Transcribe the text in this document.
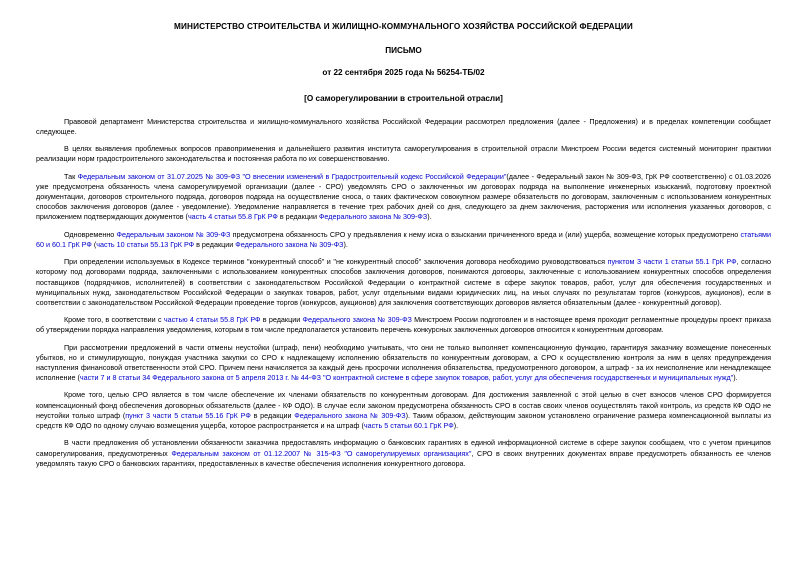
МИНИСТЕРСТВО СТРОИТЕЛЬСТВА И ЖИЛИЩНО-КОММУНАЛЬНОГО ХОЗЯЙСТВА РОССИЙСКОЙ ФЕДЕРАЦИИ
ПИСЬМО
от 22 сентября 2025 года № 56254-ТБ/02
[О саморегулировании в строительной отрасли]

Правовой департамент Министерства строительства и жилищно-коммунального хозяйства Российской Федерации рассмотрел предложения (далее - Предложения) и в пределах компетенции сообщает следующее.

В целях выявления проблемных вопросов правоприменения и дальнейшего развития института саморегулирования в строительной отрасли Минстроем России ведется системный мониторинг практики реализации норм градостроительного законодательства и постоянная работа по их совершенствованию.

Так Федеральным законом от 31.07.2025 № 309-ФЗ "О внесении изменений в Градостроительный кодекс Российской Федерации"(далее - Федеральный закон № 309-ФЗ, ГрК РФ соответственно) с 01.03.2026 уже предусмотрена обязанность члена саморегулируемой организации (далее - СРО) уведомлять СРО о заключенных им договорах подряда на выполнение инженерных изысканий, подготовку проектной документации, договоров строительного подряда, договоров подряда на осуществление сноса, о таких фактическом совокупном размере обязательств по договорам, заключенным с использованием конкурентных способов заключения договоров (далее - уведомление). Уведомление направляется в течение трех рабочих дней со дня, следующего за днем заключения, расторжения или исполнения указанных договоров, с приложением подтверждающих документов (часть 4 статьи 55.8 ГрК РФ в редакции Федерального закона № 309-ФЗ).

Одновременно Федеральным законом № 309-ФЗ предусмотрена обязанность СРО у предъявления к нему иска о взыскании причиненного вреда и (или) ущерба, возмещение которых предусмотрено статьями 60 и 60.1 ГрК РФ (часть 10 статьи 55.13 ГрК РФ в редакции Федерального закона № 309-ФЗ).

При определении используемых в Кодексе терминов "конкурентный способ" и "не конкурентный способ" заключения договора необходимо руководствоваться пунктом 3 части 1 статьи 55.1 ГрК РФ, согласно которому под договорами подряда, заключенными с использованием конкурентных способов заключения договоров, понимаются договоры, заключенные с использованием конкурентных способов определения поставщиков (подрядчиков, исполнителей) в соответствии с законодательством Российской Федерации о контрактной системе в сфере закупок товаров, работ, услуг для обеспечения государственных и муниципальных нужд, законодательством Российской Федерации о закупках товаров, работ, услуг отдельными видами юридических лиц, на иных случаях по результатам торгов (конкурсов, аукционов), если в соответствии с законодательством Российской Федерации проведение торгов (конкурсов, аукционов) для заключения соответствующих договоров является обязательным (далее - конкурентный договор).

Кроме того, в соответствии с частью 4 статьи 55.8 ГрК РФ в редакции Федерального закона № 309-ФЗ Минстроем России подготовлен и в настоящее время проходит регламентные процедуры проект приказа об утверждении порядка направления уведомления, которым в том числе предполагается установить перечень конкурсных заключенных договоров относится к конкурентным договорам.

При рассмотрении предложений в части отмены неустойки (штраф, пени) необходимо учитывать, что они не только выполняет компенсационную функцию, гарантируя заказчику возмещение понесенных убытков, но и стимулирующую, понуждая участника закупки со СРО к надлежащему исполнению обязательств по конкурентным договорам, а СРО к осуществлению контроля за ним в целях предупреждения наступления финансовой ответственности этой СРО. Причем пени начисляется за каждый день просрочки исполнения обязательства, предусмотренного договором, а штраф - за их неисполнение или ненадлежащее исполнение (части 7 и 8 статьи 34 Федерального закона от 5 апреля 2013 г. № 44-ФЗ "О контрактной системе в сфере закупок товаров, работ, услуг для обеспечения государственных и муниципальных нужд").

Кроме того, целью СРО является в том числе обеспечение их членами обязательств по конкурентным договорам. Для достижения заявленной с этой целью в счет взносов членов СРО формируется компенсационный фонд обеспечения договорных обязательств (далее - КФ ОДО). В случае если законом предусмотрена обязанность СРО в состав своих членов осуществлять такой контроль, из средств КФ ОДО не неустойки только штраф (пункт 3 части 5 статьи 55.16 ГрК РФ в редакции Федерального закона № 309-ФЗ). Таким образом, действующим законом установлено ограничение размера компенсационной выплаты из средств КФ ОДО по одному случаю возмещения ущерба, которое распространяется и на штраф (часть 5 статьи 60.1 ГрК РФ).

В части предложения об установлении обязанности заказчика предоставлять информацию о банковских гарантиях в единой информационной системе в сфере закупок сообщаем, что с учетом принципов саморегулирования, предусмотренных Федеральным законом от 01.12.2007 № 315-ФЗ "О саморегулируемых организациях", СРО в своих внутренних документах вправе предусмотреть обязанность ее членов уведомлять такую СРО о банковских гарантиях, предоставленных в качестве обеспечения исполнения конкурентного договора.
